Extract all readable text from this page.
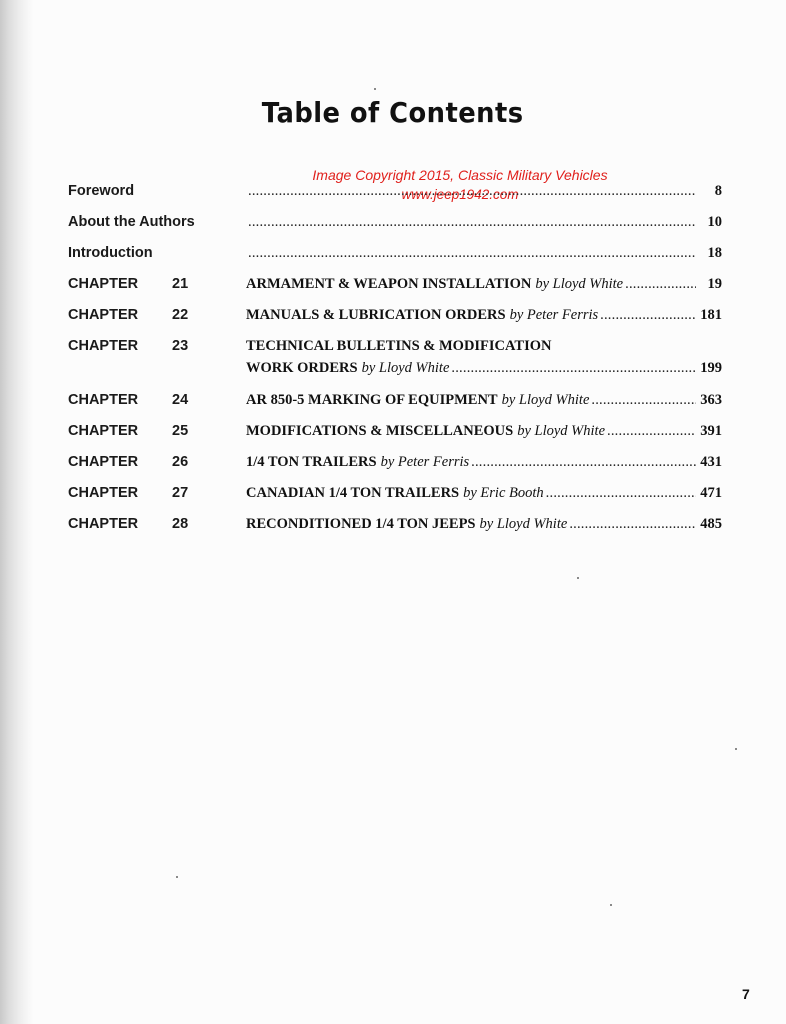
Table of Contents
Image Copyright 2015, Classic Military Vehicles
www.jeep1942.com
Foreword .....	8
About the Authors .....	10
Introduction .....	18
CHAPTER 21	ARMAMENT & WEAPON INSTALLATION by Lloyd White .....	19
CHAPTER 22	MANUALS & LUBRICATION ORDERS by Peter Ferris .....	181
CHAPTER 23	TECHNICAL BULLETINS & MODIFICATION
WORK ORDERS by Lloyd White .....	199
CHAPTER 24	AR 850-5 MARKING OF EQUIPMENT by Lloyd White .....	363
CHAPTER 25	MODIFICATIONS & MISCELLANEOUS by Lloyd White .....	391
CHAPTER 26	1/4 TON TRAILERS by Peter Ferris .....	431
CHAPTER 27	CANADIAN 1/4 TON TRAILERS by Eric Booth .....	471
CHAPTER 28	RECONDITIONED 1/4 TON JEEPS by Lloyd White .....	485
7
